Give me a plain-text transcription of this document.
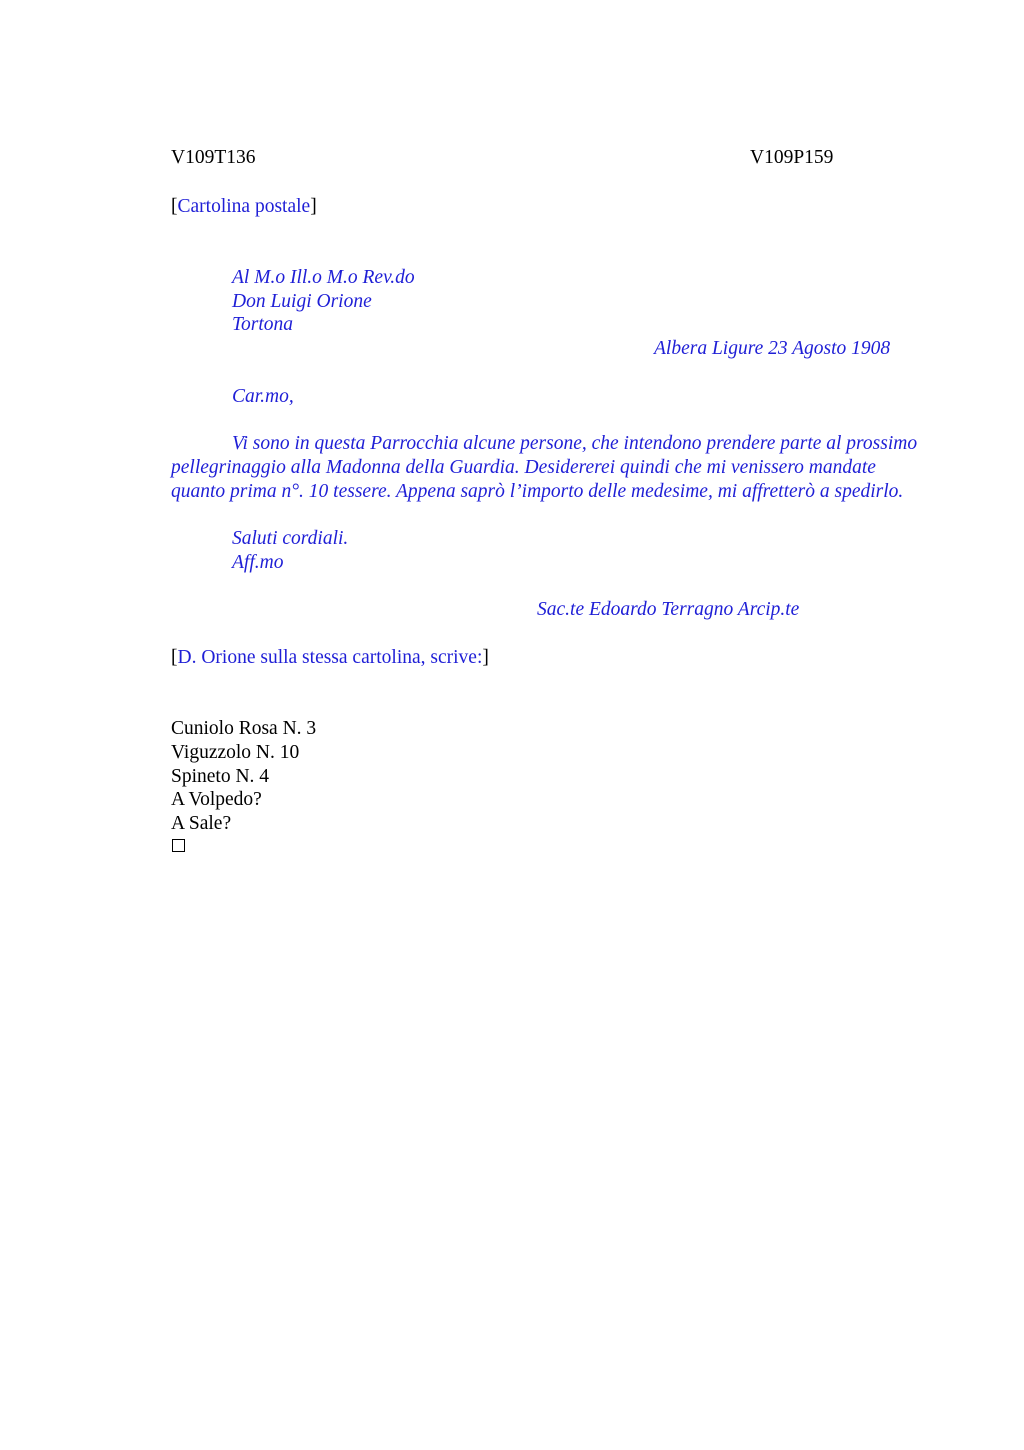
V109T136	V109P159
[Cartolina postale]
Al M.o Ill.o M.o Rev.do
Don Luigi Orione
Tortona
Albera Ligure 23 Agosto 1908
Car.mo,
Vi sono in questa Parrocchia alcune persone, che intendono prendere parte al prossimo pellegrinaggio alla Madonna della Guardia. Desidererei quindi che mi venissero mandate quanto prima n°. 10 tessere. Appena saprò l’importo delle medesime, mi affretterò a spedirlo.
Saluti cordiali.
Aff.mo
Sac.te Edoardo Terragno Arcip.te
[D. Orione sulla stessa cartolina, scrive:]
Cuniolo Rosa N. 3
Viguzzolo N. 10
Spineto N. 4
A Volpedo?
A Sale?
